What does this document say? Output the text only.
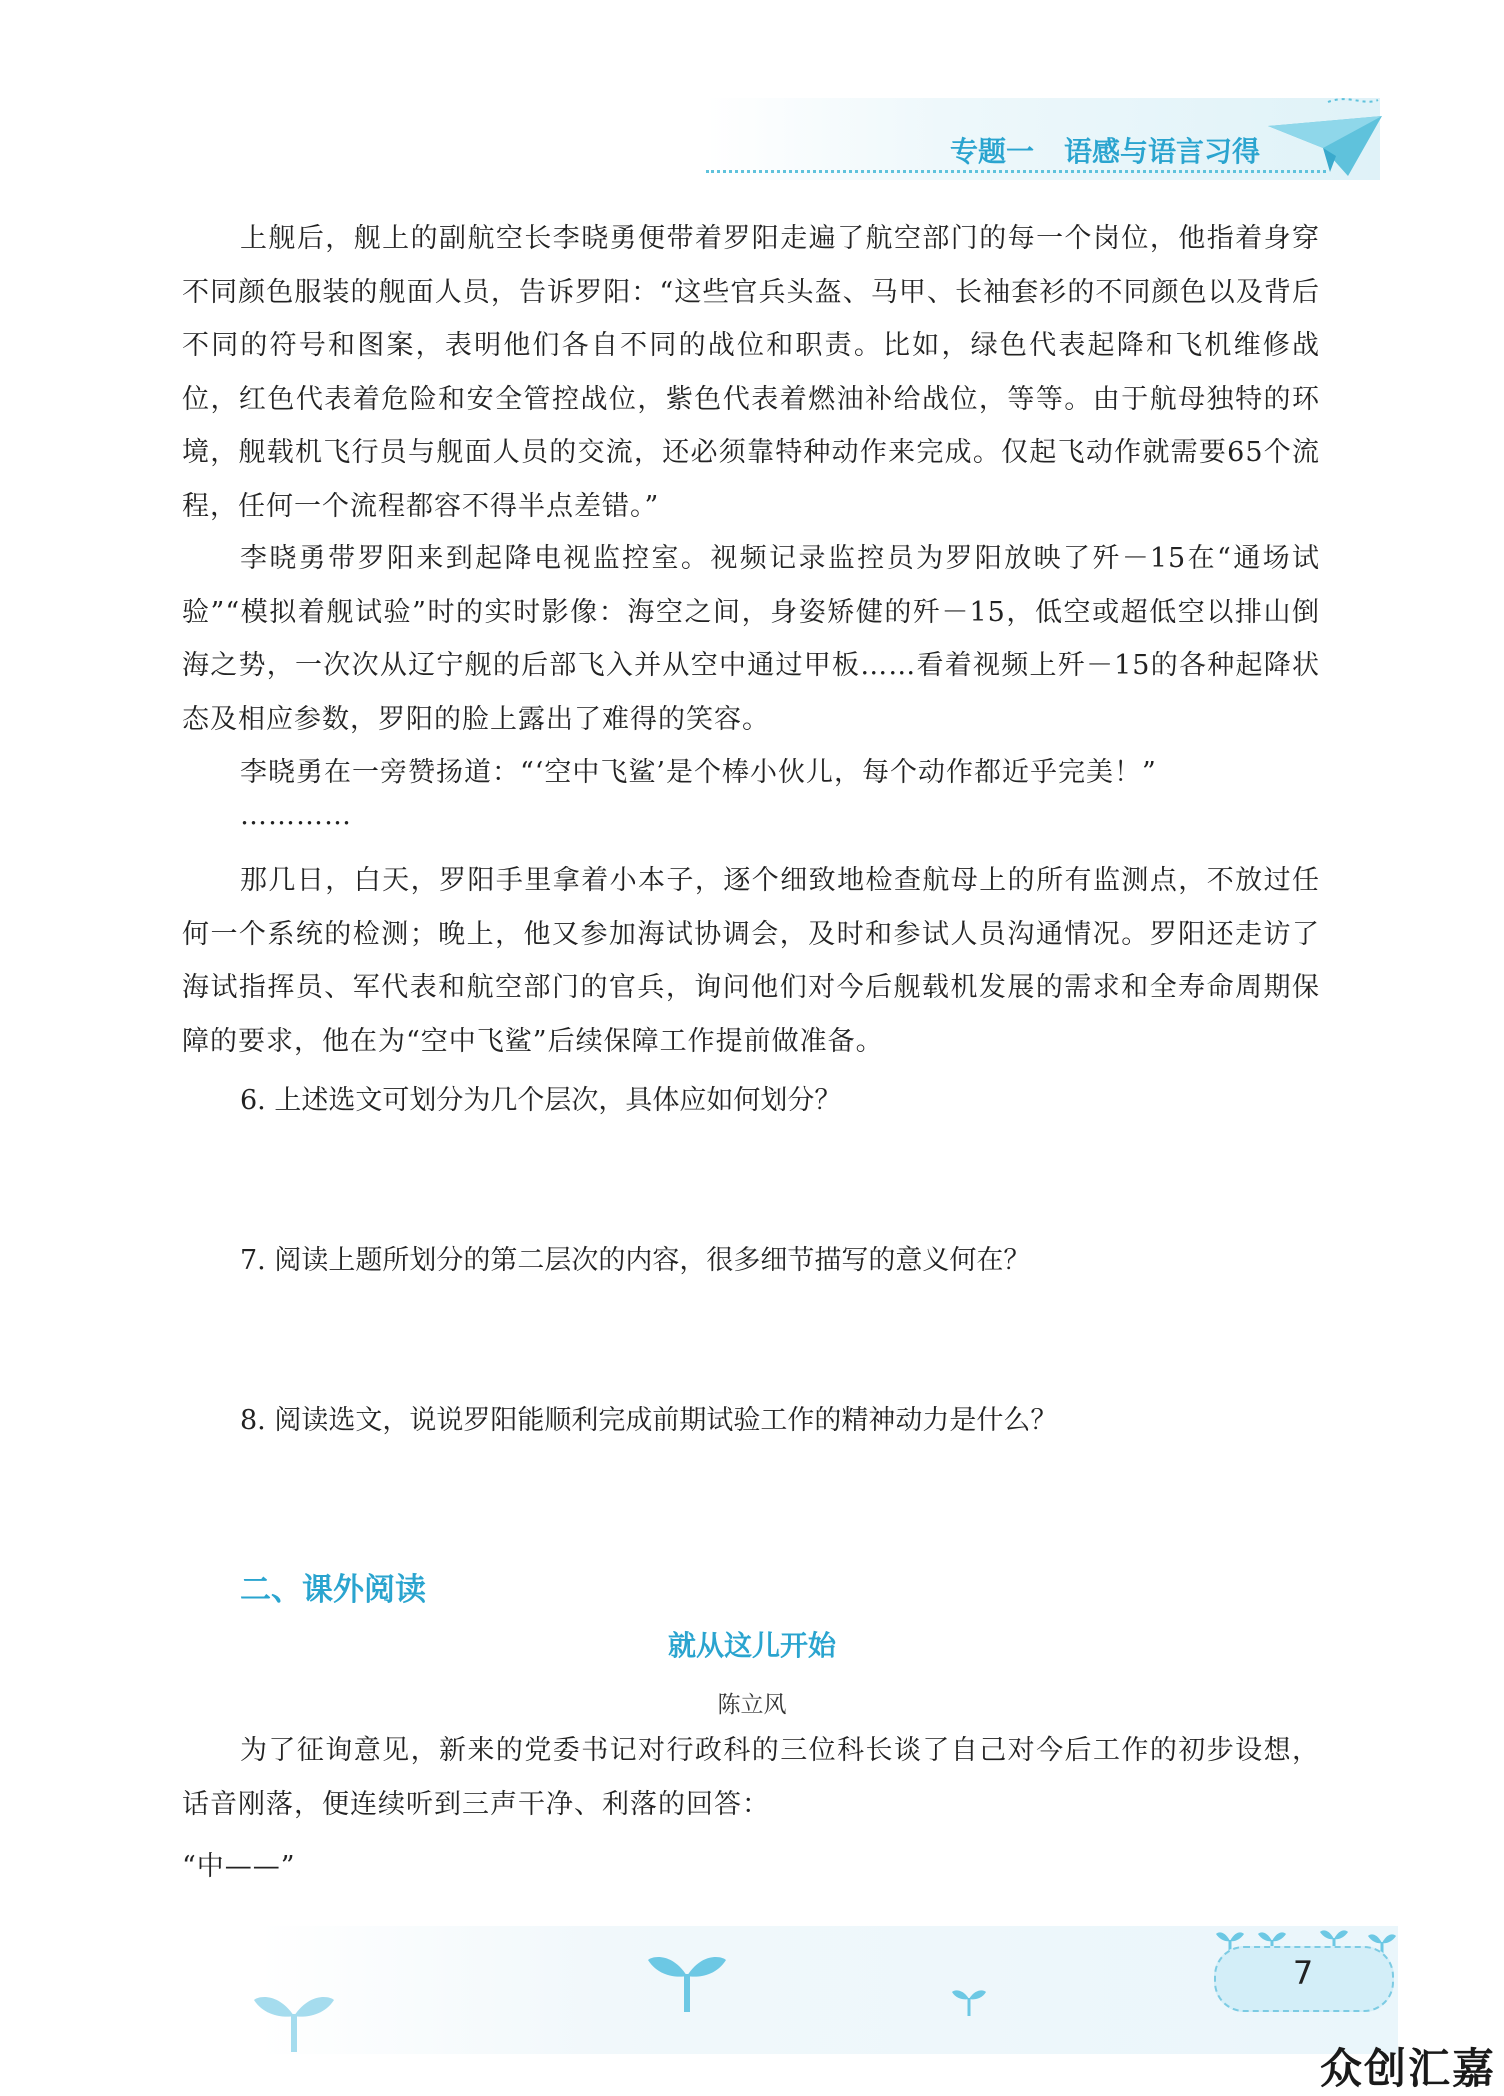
专题一 语感与语言习得

上舰后，舰上的副航空长李晓勇便带着罗阳走遍了航空部门的每一个岗位，他指着身穿不同颜色服装的舰面人员，告诉罗阳：“这些官兵头盔、马甲、长袖套衫的不同颜色以及背后不同的符号和图案，表明他们各自不同的战位和职责。比如，绿色代表起降和飞机维修战位，红色代表着危险和安全管控战位，紫色代表着燃油补给战位，等等。由于航母独特的环境，舰载机飞行员与舰面人员的交流，还必须靠特种动作来完成。仅起飞动作就需要65个流程，任何一个流程都容不得半点差错。”

李晓勇带罗阳来到起降电视监控室。视频记录监控员为罗阳放映了歼－15在“通场试验”“模拟着舰试验”时的实时影像：海空之间，身姿矫健的歼－15，低空或超低空以排山倒海之势，一次次从辽宁舰的后部飞入并从空中通过甲板……看着视频上歼－15的各种起降状态及相应参数，罗阳的脸上露出了难得的笑容。

李晓勇在一旁赞扬道：“‘空中飞鲨’是个棒小伙儿，每个动作都近乎完美！”

…………

那几日，白天，罗阳手里拿着小本子，逐个细致地检查航母上的所有监测点，不放过任何一个系统的检测；晚上，他又参加海试协调会，及时和参试人员沟通情况。罗阳还走访了海试指挥员、军代表和航空部门的官兵，询问他们对今后舰载机发展的需求和全寿命周期保障的要求，他在为“空中飞鲨”后续保障工作提前做准备。

6. 上述选文可划分为几个层次，具体应如何划分？

7. 阅读上题所划分的第二层次的内容，很多细节描写的意义何在？

8. 阅读选文，说说罗阳能顺利完成前期试验工作的精神动力是什么？

二、课外阅读
就从这儿开始

陈立风

为了征询意见，新来的党委书记对行政科的三位科长谈了自己对今后工作的初步设想，话音刚落，便连续听到三声干净、利落的回答：

“中——”

7
众创汇嘉
